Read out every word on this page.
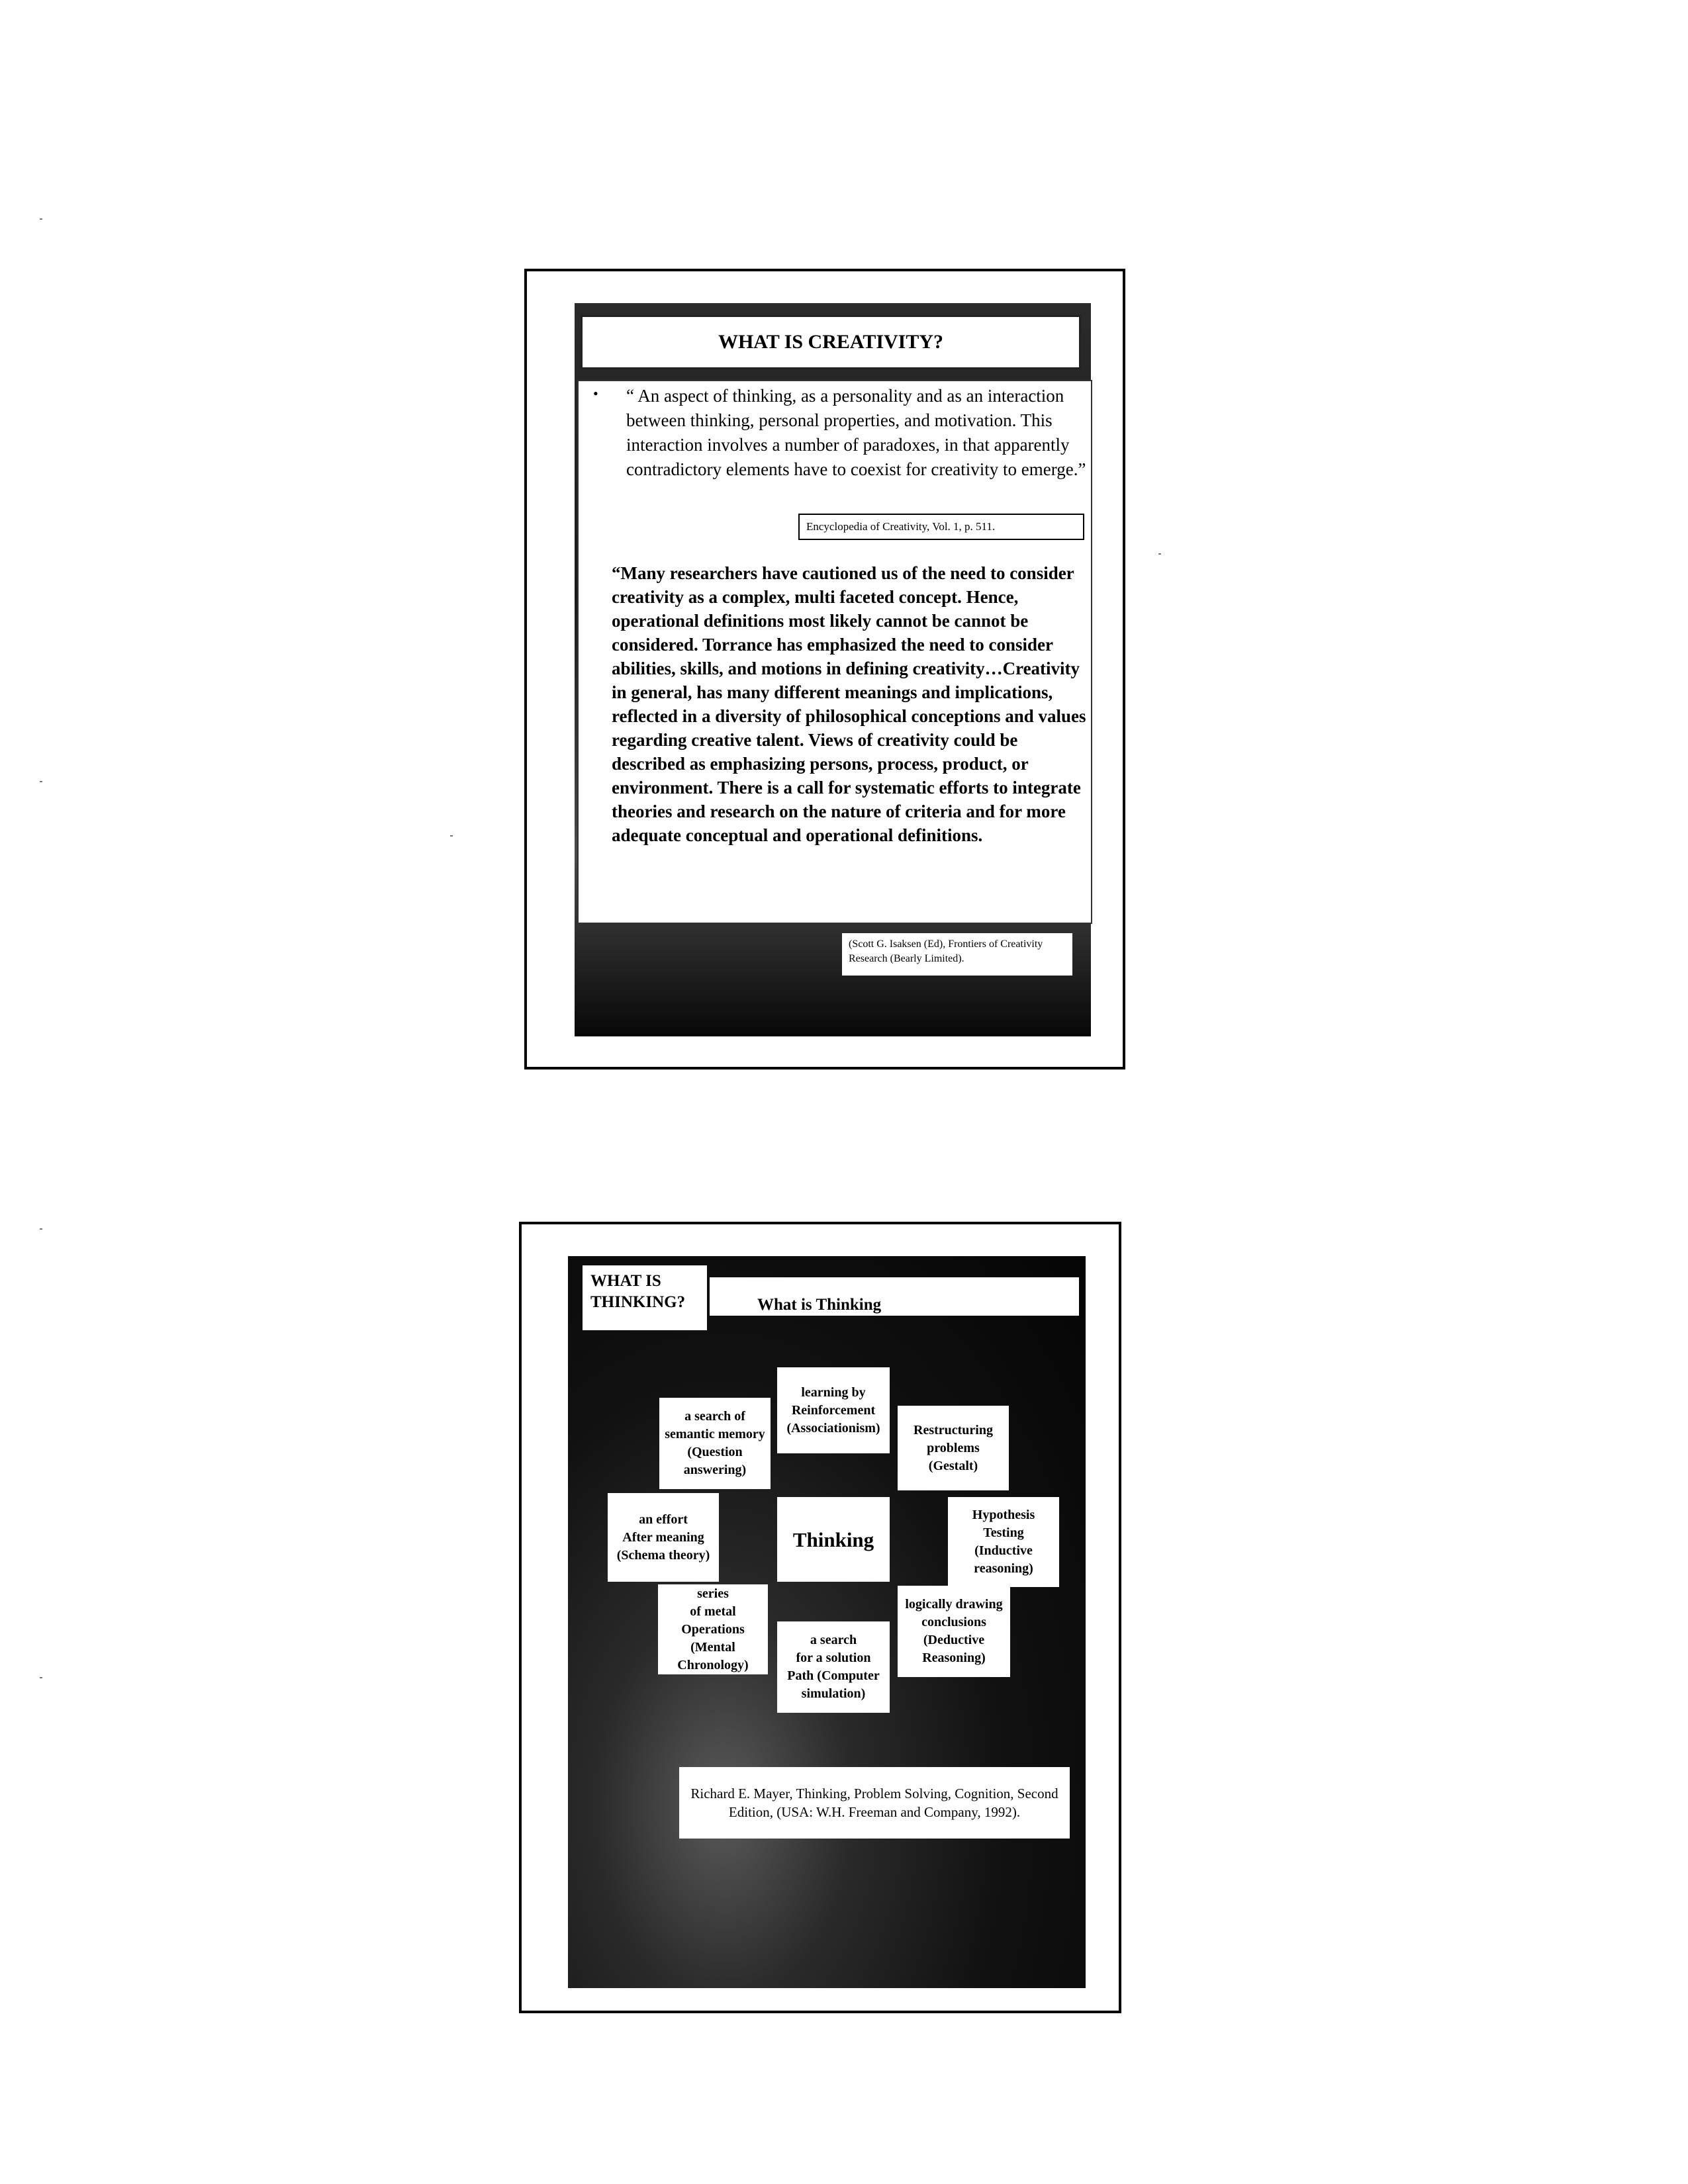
WHAT IS CREATIVITY?
• “ An aspect of thinking, as a personality and as an interaction between thinking, personal properties, and motivation. This interaction involves a number of paradoxes, in that apparently contradictory elements have to coexist for creativity to emerge.”
Encyclopedia of Creativity, Vol. 1, p. 511.
“Many researchers have cautioned us of the need to consider creativity as a complex, multi faceted concept. Hence, operational definitions most likely cannot be cannot be considered. Torrance has emphasized the need to consider abilities, skills, and motions in defining creativity…Creativity in general, has many different meanings and implications, reflected in a diversity of philosophical conceptions and values regarding creative talent. Views of creativity could be described as emphasizing persons, process, product, or environment. There is a call for systematic efforts to integrate theories and research on the nature of criteria and for more adequate conceptual and operational definitions.
(Scott G. Isaksen (Ed), Frontiers of Creativity Research (Bearly Limited).
WHAT IS THINKING?	What is Thinking
a search of
semantic memory
(Question
answering)
learning by
Reinforcement
(Associationism)	Restructuring
problems
(Gestalt)
an effort
After meaning
(Schema theory)
Thinking
Hypothesis
Testing
(Inductive
reasoning)
series
of metal
Operations
(Mental
Chronology)
a search
for a solution
Path (Computer
simulation)
logically drawing
conclusions
(Deductive
Reasoning)
Richard E. Mayer, Thinking, Problem Solving, Cognition, Second Edition, (USA: W.H. Freeman and Company, 1992).
